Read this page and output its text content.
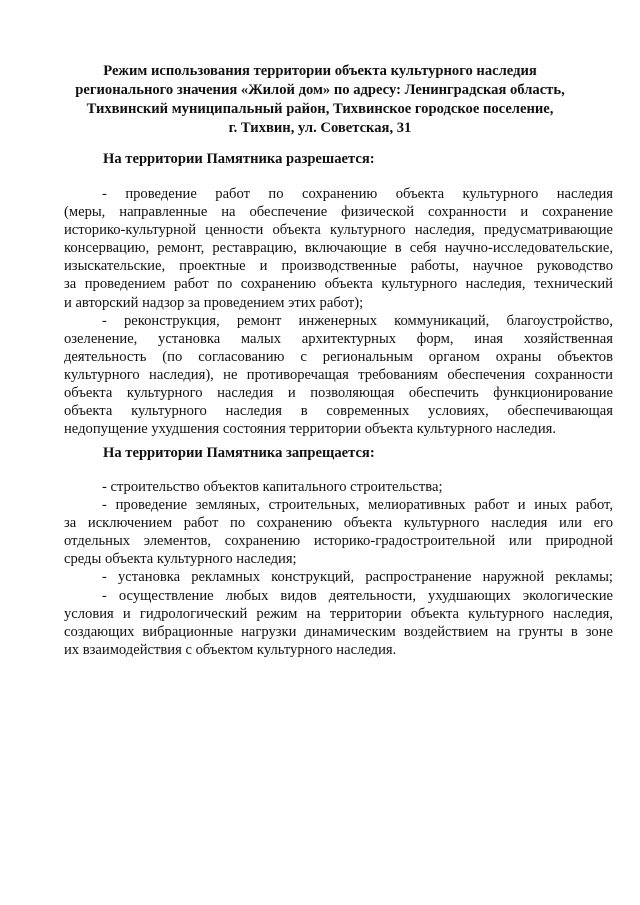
Режим использования территории объекта культурного наследия
регионального значения «Жилой дом» по адресу: Ленинградская область,
Тихвинский муниципальный район, Тихвинское городское поселение,
г. Тихвин, ул. Советская, 31
На территории Памятника разрешается:
- проведение работ по сохранению объекта культурного наследия
(меры, направленные на обеспечение физической сохранности и сохранение
историко-культурной ценности объекта культурного наследия, предусматривающие
консервацию, ремонт, реставрацию, включающие в себя научно-исследовательские,
изыскательские, проектные и производственные работы, научное руководство
за проведением работ по сохранению объекта культурного наследия, технический
и авторский надзор за проведением этих работ);
- реконструкция, ремонт инженерных коммуникаций, благоустройство,
озеленение, установка малых архитектурных форм, иная хозяйственная
деятельность (по согласованию с региональным органом охраны объектов
культурного наследия), не противоречащая требованиям обеспечения сохранности
объекта культурного наследия и позволяющая обеспечить функционирование
объекта культурного наследия в современных условиях, обеспечивающая
недопущение ухудшения состояния территории объекта культурного наследия.
На территории Памятника запрещается:
- строительство объектов капитального строительства;
- проведение земляных, строительных, мелиоративных работ и иных работ,
за исключением работ по сохранению объекта культурного наследия или его
отдельных элементов, сохранению историко-градостроительной или природной
среды объекта культурного наследия;
- установка рекламных конструкций, распространение наружной рекламы;
- осуществление любых видов деятельности, ухудшающих экологические
условия и гидрологический режим на территории объекта культурного наследия,
создающих вибрационные нагрузки динамическим воздействием на грунты в зоне
их взаимодействия с объектом культурного наследия.
